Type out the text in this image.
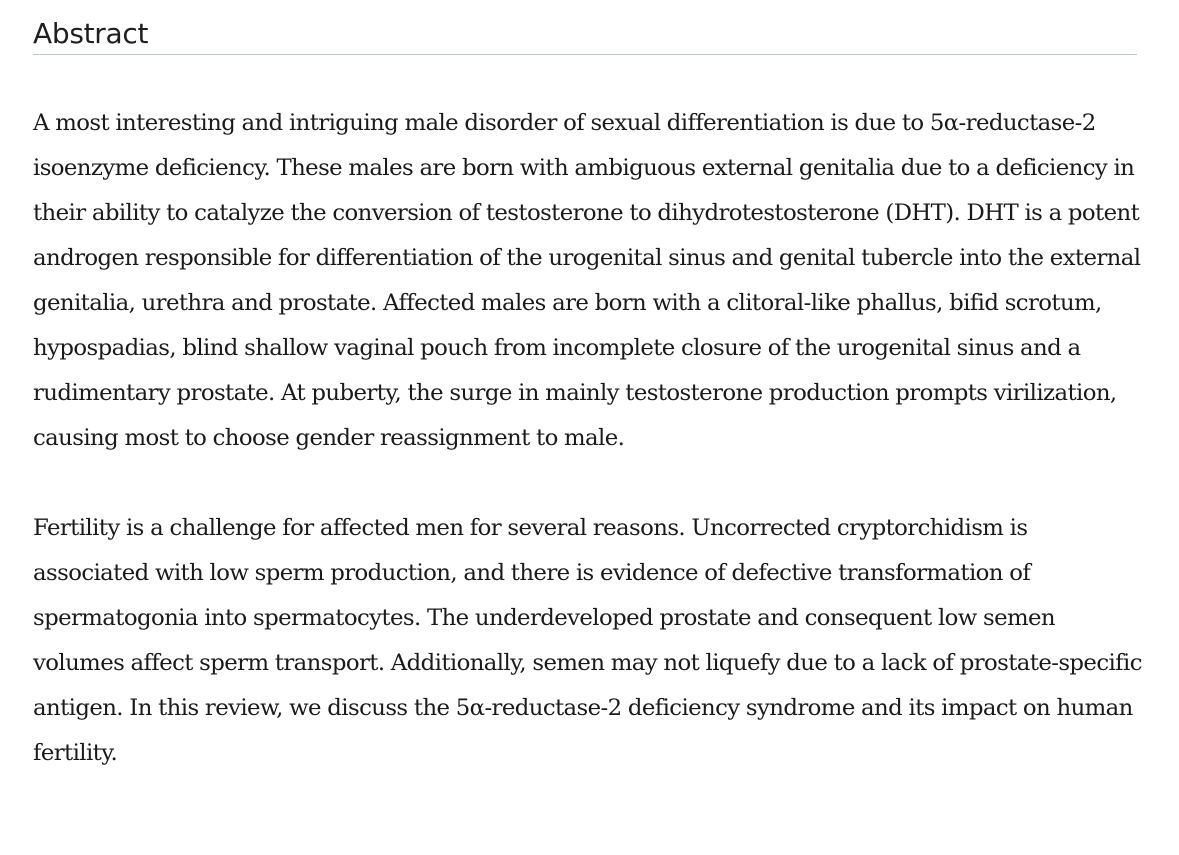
Abstract

A most interesting and intriguing male disorder of sexual differentiation is due to 5α-reductase-2 isoenzyme deficiency. These males are born with ambiguous external genitalia due to a deficiency in their ability to catalyze the conversion of testosterone to dihydrotestosterone (DHT). DHT is a potent androgen responsible for differentiation of the urogenital sinus and genital tubercle into the external genitalia, urethra and prostate. Affected males are born with a clitoral-like phallus, bifid scrotum, hypospadias, blind shallow vaginal pouch from incomplete closure of the urogenital sinus and a rudimentary prostate. At puberty, the surge in mainly testosterone production prompts virilization, causing most to choose gender reassignment to male.

Fertility is a challenge for affected men for several reasons. Uncorrected cryptorchidism is associated with low sperm production, and there is evidence of defective transformation of spermatogonia into spermatocytes. The underdeveloped prostate and consequent low semen volumes affect sperm transport. Additionally, semen may not liquefy due to a lack of prostate-specific antigen. In this review, we discuss the 5α-reductase-2 deficiency syndrome and its impact on human fertility.
